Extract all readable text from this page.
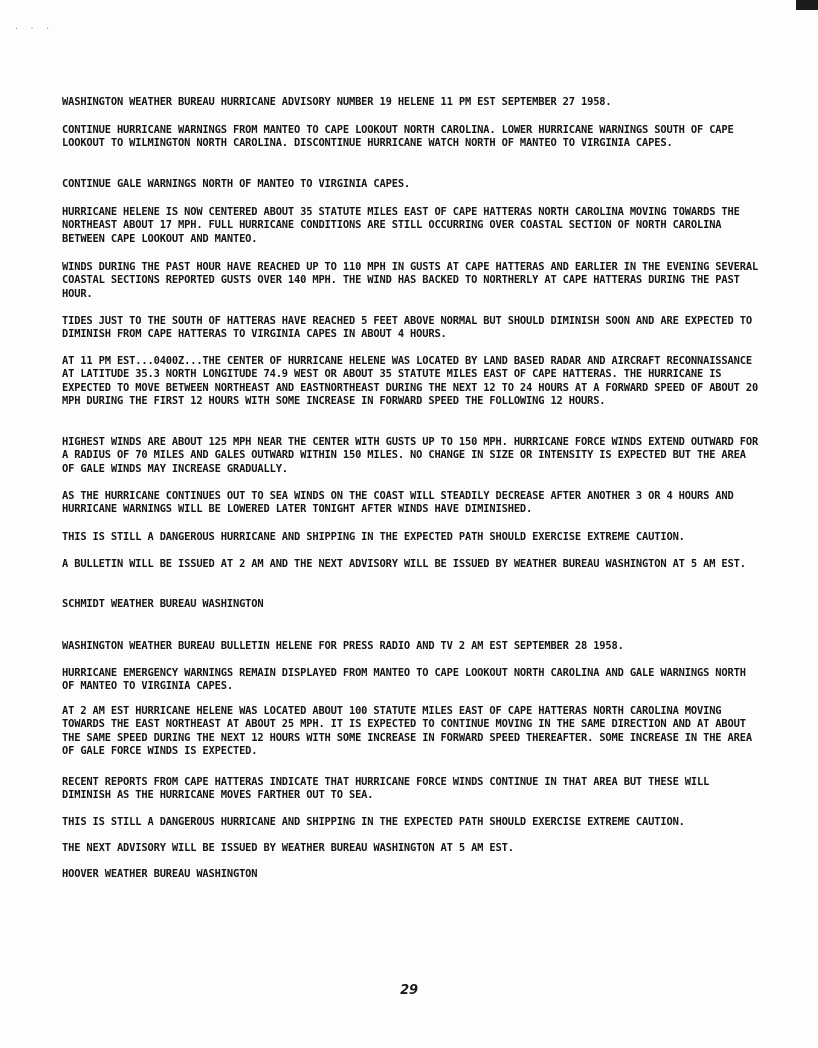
· · ·

WASHINGTON WEATHER BUREAU HURRICANE ADVISORY NUMBER 19 HELENE 11 PM EST SEPTEMBER 27 1958.

CONTINUE HURRICANE WARNINGS FROM MANTEO TO CAPE LOOKOUT NORTH CAROLINA. LOWER HURRICANE WARNINGS SOUTH OF CAPE LOOKOUT TO WILMINGTON NORTH CAROLINA. DISCONTINUE HURRICANE WATCH NORTH OF MANTEO TO VIRGINIA CAPES.

CONTINUE GALE WARNINGS NORTH OF MANTEO TO VIRGINIA CAPES.

HURRICANE HELENE IS NOW CENTERED ABOUT 35 STATUTE MILES EAST OF CAPE HATTERAS NORTH CAROLINA MOVING TOWARDS THE NORTHEAST ABOUT 17 MPH. FULL HURRICANE CONDITIONS ARE STILL OCCURRING OVER COASTAL SECTION OF NORTH CAROLINA BETWEEN CAPE LOOKOUT AND MANTEO.

WINDS DURING THE PAST HOUR HAVE REACHED UP TO 110 MPH IN GUSTS AT CAPE HATTERAS AND EARLIER IN THE EVENING SEVERAL COASTAL SECTIONS REPORTED GUSTS OVER 140 MPH. THE WIND HAS BACKED TO NORTHERLY AT CAPE HATTERAS DURING THE PAST HOUR.

TIDES JUST TO THE SOUTH OF HATTERAS HAVE REACHED 5 FEET ABOVE NORMAL BUT SHOULD DIMINISH SOON AND ARE EXPECTED TO DIMINISH FROM CAPE HATTERAS TO VIRGINIA CAPES IN ABOUT 4 HOURS.

AT 11 PM EST...0400Z...THE CENTER OF HURRICANE HELENE WAS LOCATED BY LAND BASED RADAR AND AIRCRAFT RECONNAISSANCE AT LATITUDE 35.3 NORTH LONGITUDE 74.9 WEST OR ABOUT 35 STATUTE MILES EAST OF CAPE HATTERAS. THE HURRICANE IS EXPECTED TO MOVE BETWEEN NORTHEAST AND EASTNORTHEAST DURING THE NEXT 12 TO 24 HOURS AT A FORWARD SPEED OF ABOUT 20 MPH DURING THE FIRST 12 HOURS WITH SOME INCREASE IN FORWARD SPEED THE FOLLOWING 12 HOURS.

HIGHEST WINDS ARE ABOUT 125 MPH NEAR THE CENTER WITH GUSTS UP TO 150 MPH. HURRICANE FORCE WINDS EXTEND OUTWARD FOR A RADIUS OF 70 MILES AND GALES OUTWARD WITHIN 150 MILES. NO CHANGE IN SIZE OR INTENSITY IS EXPECTED BUT THE AREA OF GALE WINDS MAY INCREASE GRADUALLY.

AS THE HURRICANE CONTINUES OUT TO SEA WINDS ON THE COAST WILL STEADILY DECREASE AFTER ANOTHER 3 OR 4 HOURS AND HURRICANE WARNINGS WILL BE LOWERED LATER TONIGHT AFTER WINDS HAVE DIMINISHED.

THIS IS STILL A DANGEROUS HURRICANE AND SHIPPING IN THE EXPECTED PATH SHOULD EXERCISE EXTREME CAUTION.

A BULLETIN WILL BE ISSUED AT 2 AM AND THE NEXT ADVISORY WILL BE ISSUED BY WEATHER BUREAU WASHINGTON AT 5 AM EST.

SCHMIDT WEATHER BUREAU WASHINGTON

WASHINGTON WEATHER BUREAU BULLETIN HELENE FOR PRESS RADIO AND TV 2 AM EST SEPTEMBER 28 1958.

HURRICANE EMERGENCY WARNINGS REMAIN DISPLAYED FROM MANTEO TO CAPE LOOKOUT NORTH CAROLINA AND GALE WARNINGS NORTH OF MANTEO TO VIRGINIA CAPES.

AT 2 AM EST HURRICANE HELENE WAS LOCATED ABOUT 100 STATUTE MILES EAST OF CAPE HATTERAS NORTH CAROLINA MOVING TOWARDS THE EAST NORTHEAST AT ABOUT 25 MPH. IT IS EXPECTED TO CONTINUE MOVING IN THE SAME DIRECTION AND AT ABOUT THE SAME SPEED DURING THE NEXT 12 HOURS WITH SOME INCREASE IN FORWARD SPEED THEREAFTER. SOME INCREASE IN THE AREA OF GALE FORCE WINDS IS EXPECTED.

RECENT REPORTS FROM CAPE HATTERAS INDICATE THAT HURRICANE FORCE WINDS CONTINUE IN THAT AREA BUT THESE WILL DIMINISH AS THE HURRICANE MOVES FARTHER OUT TO SEA.

THIS IS STILL A DANGEROUS HURRICANE AND SHIPPING IN THE EXPECTED PATH SHOULD EXERCISE EXTREME CAUTION.

THE NEXT ADVISORY WILL BE ISSUED BY WEATHER BUREAU WASHINGTON AT 5 AM EST.

HOOVER WEATHER BUREAU WASHINGTON

29
